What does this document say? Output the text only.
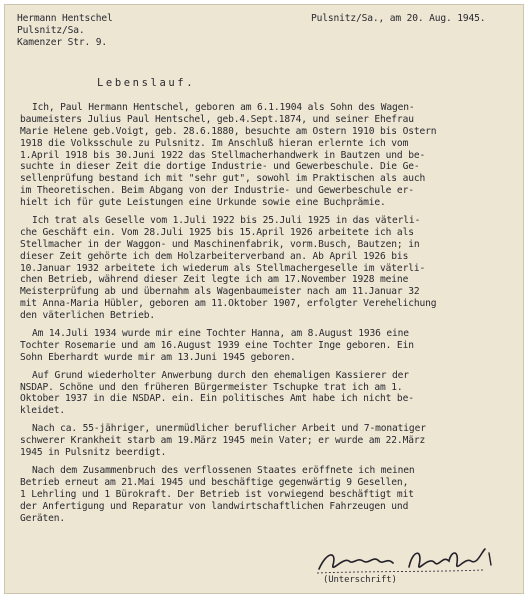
Hermann Hentschel
Pulsnitz/Sa.
Kamenzer Str. 9.
Pulsnitz/Sa., am 20. Aug. 1945.
Lebenslauf.
Ich, Paul Hermann Hentschel, geboren am 6.1.1904 als Sohn des Wagen-
baumeisters Julius Paul Hentschel, geb.4.Sept.1874, und seiner Ehefrau
Marie Helene geb.Voigt, geb. 28.6.1880, besuchte am Ostern 1910 bis Ostern
1918 die Volksschule zu Pulsnitz. Im Anschluß hieran erlernte ich vom
1.April 1918 bis 30.Juni 1922 das Stellmacherhandwerk in Bautzen und be-
suchte in dieser Zeit die dortige Industrie- und Gewerbeschule. Die Ge-
sellenprüfung bestand ich mit "sehr gut", sowohl im Praktischen als auch
im Theoretischen. Beim Abgang von der Industrie- und Gewerbeschule er-
hielt ich für gute Leistungen eine Urkunde sowie eine Buchprämie.
Ich trat als Geselle vom 1.Juli 1922 bis 25.Juli 1925 in das väterli-
che Geschäft ein. Vom 28.Juli 1925 bis 15.April 1926 arbeitete ich als
Stellmacher in der Waggon- und Maschinenfabrik, vorm.Busch, Bautzen; in
dieser Zeit gehörte ich dem Holzarbeiterverband an. Ab April 1926 bis
10.Januar 1932 arbeitete ich wiederum als Stellmachergeselle im väterli-
chen Betrieb, während dieser Zeit legte ich am 17.November 1928 meine
Meisterprüfung ab und übernahm als Wagenbaumeister nach am 11.Januar 32
mit Anna-Maria Hübler, geboren am 11.Oktober 1907, erfolgter Verehelichung
den väterlichen Betrieb.
Am 14.Juli 1934 wurde mir eine Tochter Hanna, am 8.August 1936 eine
Tochter Rosemarie und am 16.August 1939 eine Tochter Inge geboren. Ein
Sohn Eberhardt wurde mir am 13.Juni 1945 geboren.
Auf Grund wiederholter Anwerbung durch den ehemaligen Kassierer der
NSDAP. Schöne und den früheren Bürgermeister Tschupke trat ich am 1.
Oktober 1937 in die NSDAP. ein. Ein politisches Amt habe ich nicht be-
kleidet.
Nach ca. 55-jähriger, unermüdlicher beruflicher Arbeit und 7-monatiger
schwerer Krankheit starb am 19.März 1945 mein Vater; er wurde am 22.März
1945 in Pulsnitz beerdigt.
Nach dem Zusammenbruch des verflossenen Staates eröffnete ich meinen
Betrieb erneut am 21.Mai 1945 und beschäftige gegenwärtig 9 Gesellen,
1 Lehrling und 1 Bürokraft. Der Betrieb ist vorwiegend beschäftigt mit
der Anfertigung und Reparatur von landwirtschaftlichen Fahrzeugen und
Geräten.
(Unterschrift)
